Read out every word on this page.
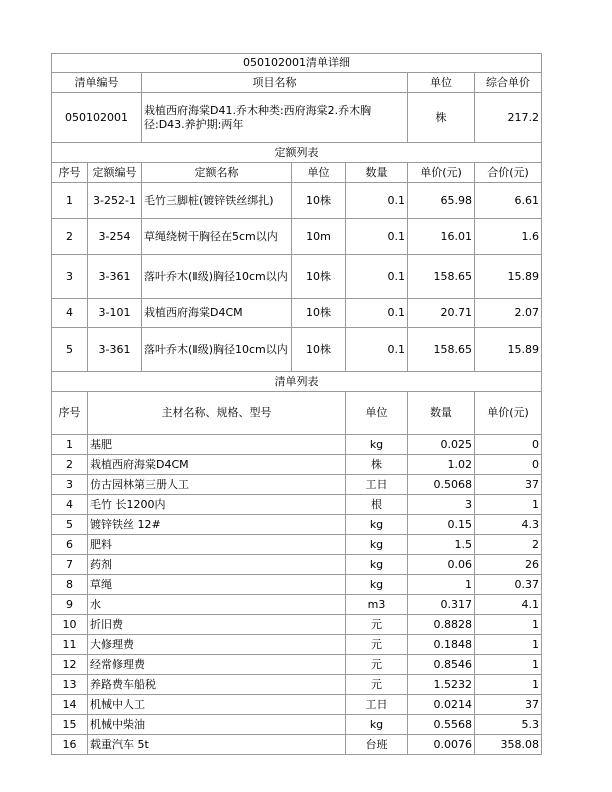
050102001清单详细							
清单编号		项目名称			单位	综合单价	
050102001		栽植西府海棠D41.乔木种类:西府海棠2.乔木胸径:D43.养护期:两年			株	217.2	
定额列表							
序号	定额编号	定额名称	单位	数量	单价(元)	合价(元)	
1	3-252-1	毛竹三脚桩(镀锌铁丝绑扎)	10株	0.1	65.98	6.61	
2	3-254	草绳绕树干胸径在5cm以内	10m	0.1	16.01	1.6	
3	3-361	落叶乔木(Ⅱ级)胸径10cm以内	10株	0.1	158.65	15.89	
4	3-101	栽植西府海棠D4CM	10株	0.1	20.71	2.07	
5	3-361	落叶乔木(Ⅱ级)胸径10cm以内	10株	0.1	158.65	15.89	
清单列表							
序号	主材名称、规格、型号			单位	数量	单价(元)	
1	基肥			kg	0.025	0	
2	栽植西府海棠D4CM			株	1.02	0	
3	仿古园林第三册人工			工日	0.5068	37	
4	毛竹 长1200内			根	3	1	
5	镀锌铁丝 12#			kg	0.15	4.3	
6	肥料			kg	1.5	2	
7	药剂			kg	0.06	26	
8	草绳			kg	1	0.37	
9	水			m3	0.317	4.1	
10	折旧费			元	0.8828	1	
11	大修理费			元	0.1848	1	
12	经常修理费			元	0.8546	1	
13	养路费车船税			元	1.5232	1	
14	机械中人工			工日	0.0214	37	
15	机械中柴油			kg	0.5568	5.3	
16	载重汽车 5t			台班	0.0076	358.08	
